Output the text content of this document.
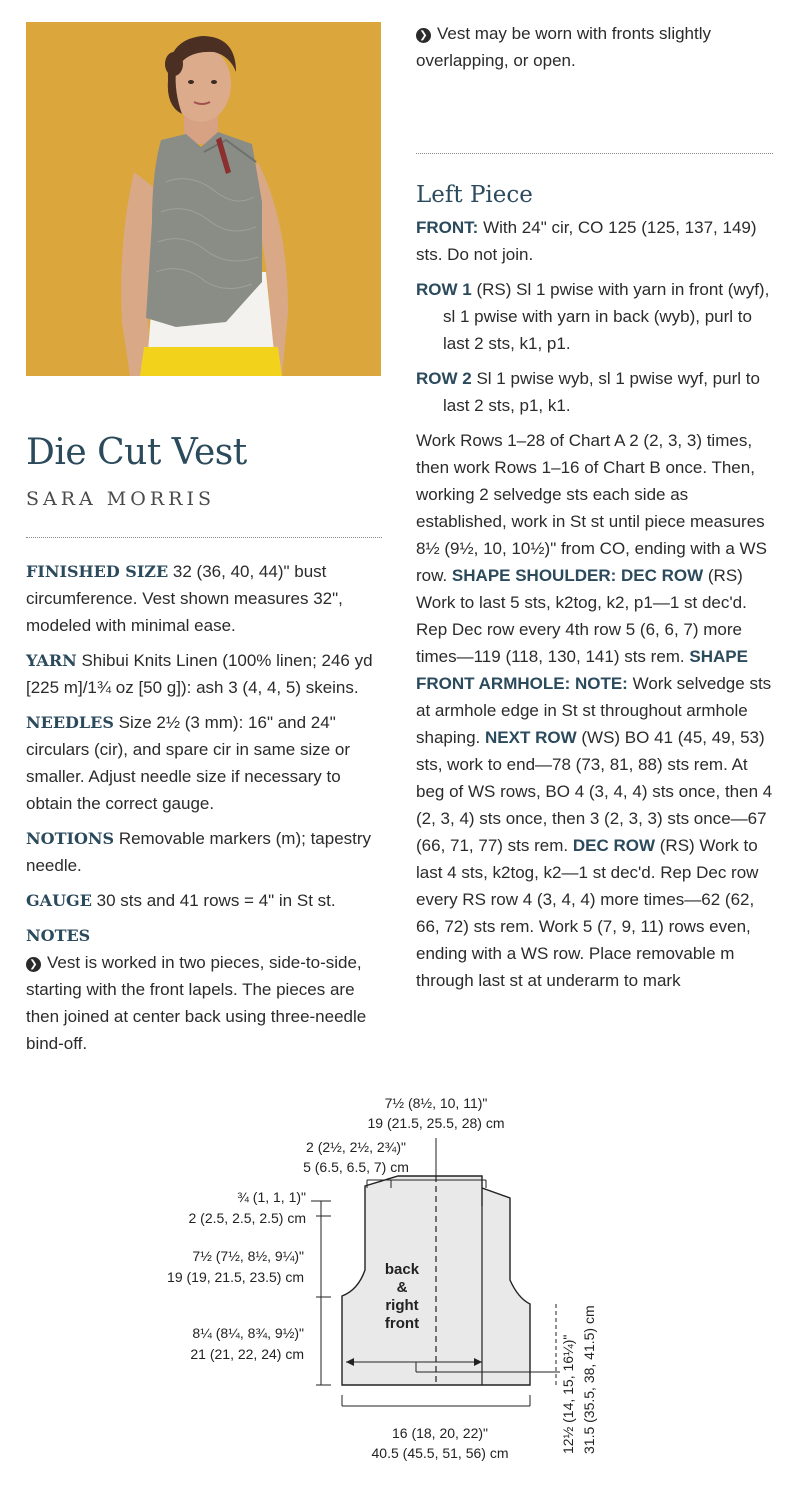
Die Cut Vest
SARA MORRIS

FINISHED SIZE 32 (36, 40, 44)" bust circumference. Vest shown measures 32", modeled with minimal ease.

YARN Shibui Knits Linen (100% linen; 246 yd [225 m]/1¾ oz [50 g]): ash 3 (4, 4, 5) skeins.

NEEDLES Size 2½ (3 mm): 16" and 24" circulars (cir), and spare cir in same size or smaller. Adjust needle size if necessary to obtain the correct gauge.

NOTIONS Removable markers (m); tapestry needle.

GAUGE 30 sts and 41 rows = 4" in St st.

NOTES

❯ Vest is worked in two pieces, side-to-side, starting with the front lapels. The pieces are then joined at center back using three-needle bind-off.

❯ Vest may be worn with fronts slightly overlapping, or open.

Left Piece

FRONT: With 24" cir, CO 125 (125, 137, 149) sts. Do not join.

ROW 1 (RS) Sl 1 pwise with yarn in front (wyf), sl 1 pwise with yarn in back (wyb), purl to last 2 sts, k1, p1.

ROW 2 Sl 1 pwise wyb, sl 1 pwise wyf, purl to last 2 sts, p1, k1.

Work Rows 1–28 of Chart A 2 (2, 3, 3) times, then work Rows 1–16 of Chart B once. Then, working 2 selvedge sts each side as established, work in St st until piece measures 8½ (9½, 10, 10½)" from CO, ending with a WS row. SHAPE SHOULDER: DEC ROW (RS) Work to last 5 sts, k2tog, k2, p1—1 st dec'd. Rep Dec row every 4th row 5 (6, 6, 7) more times—119 (118, 130, 141) sts rem. SHAPE FRONT ARMHOLE: NOTE: Work selvedge sts at armhole edge in St st throughout armhole shaping. NEXT ROW (WS) BO 41 (45, 49, 53) sts, work to end—78 (73, 81, 88) sts rem. At beg of WS rows, BO 4 (3, 4, 4) sts once, then 4 (2, 3, 4) sts once, then 3 (2, 3, 3) sts once—67 (66, 71, 77) sts rem. DEC ROW (RS) Work to last 4 sts, k2tog, k2—1 st dec'd. Rep Dec row every RS row 4 (3, 4, 4) more times—62 (62, 66, 72) sts rem. Work 5 (7, 9, 11) rows even, ending with a WS row. Place removable m through last st at underarm to mark

7½ (8½, 10, 11)"
19 (21.5, 25.5, 28) cm
2 (2½, 2½, 2¾)"
5 (6.5, 6.5, 7) cm
¾ (1, 1, 1)"
2 (2.5, 2.5, 2.5) cm
7½ (7½, 8½, 9¼)"
19 (19, 21.5, 23.5) cm
8¼ (8¼, 8¾, 9½)"
21 (21, 22, 24) cm
16 (18, 20, 22)"
40.5 (45.5, 51, 56) cm	12½ (14, 15, 16¼)" 31.5 (35.5, 38, 41.5) cm
back
&
right
front
